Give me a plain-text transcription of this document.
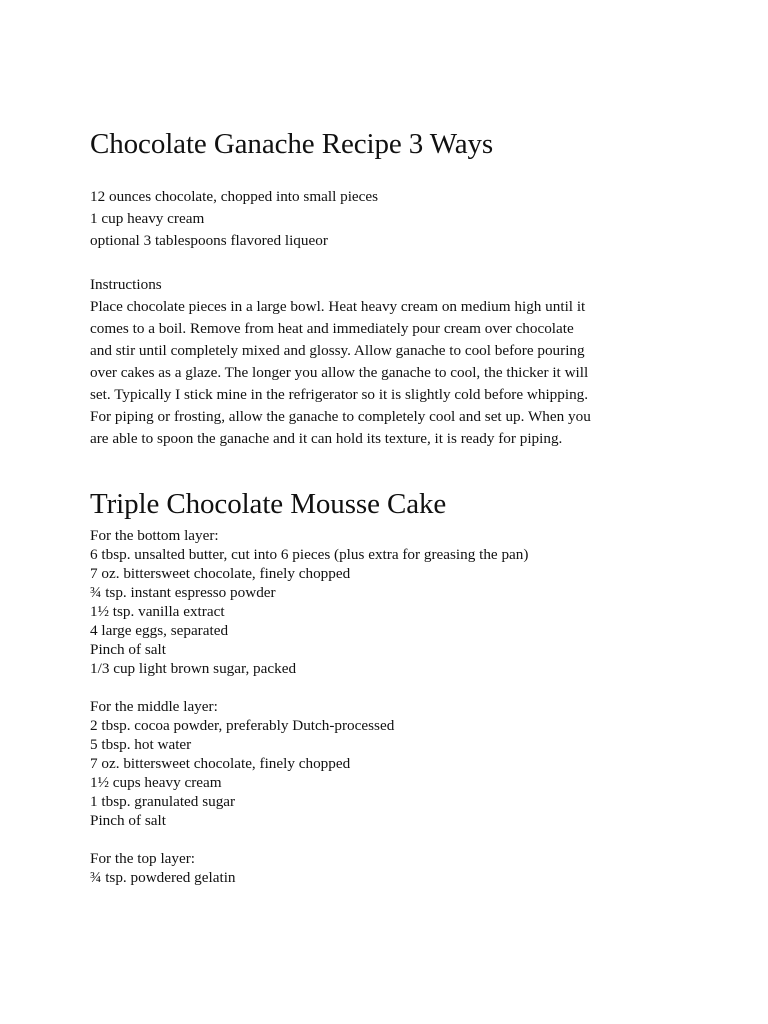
Chocolate Ganache Recipe 3 Ways
12 ounces chocolate, chopped into small pieces
1 cup heavy cream
optional 3 tablespoons flavored liqueor
Instructions
Place chocolate pieces in a large bowl. Heat heavy cream on medium high until it
comes to a boil. Remove from heat and immediately pour cream over chocolate
and stir until completely mixed and glossy. Allow ganache to cool before pouring
over cakes as a glaze. The longer you allow the ganache to cool, the thicker it will
set. Typically I stick mine in the refrigerator so it is slightly cold before whipping.
For piping or frosting, allow the ganache to completely cool and set up. When you
are able to spoon the ganache and it can hold its texture, it is ready for piping.
Triple Chocolate Mousse Cake
For the bottom layer:
6 tbsp. unsalted butter, cut into 6 pieces (plus extra for greasing the pan)
7 oz. bittersweet chocolate, finely chopped
¾ tsp. instant espresso powder
1½ tsp. vanilla extract
4 large eggs, separated
Pinch of salt
1/3 cup light brown sugar, packed
For the middle layer:
2 tbsp. cocoa powder, preferably Dutch-processed
5 tbsp. hot water
7 oz. bittersweet chocolate, finely chopped
1½ cups heavy cream
1 tbsp. granulated sugar
Pinch of salt
For the top layer:
¾ tsp. powdered gelatin
